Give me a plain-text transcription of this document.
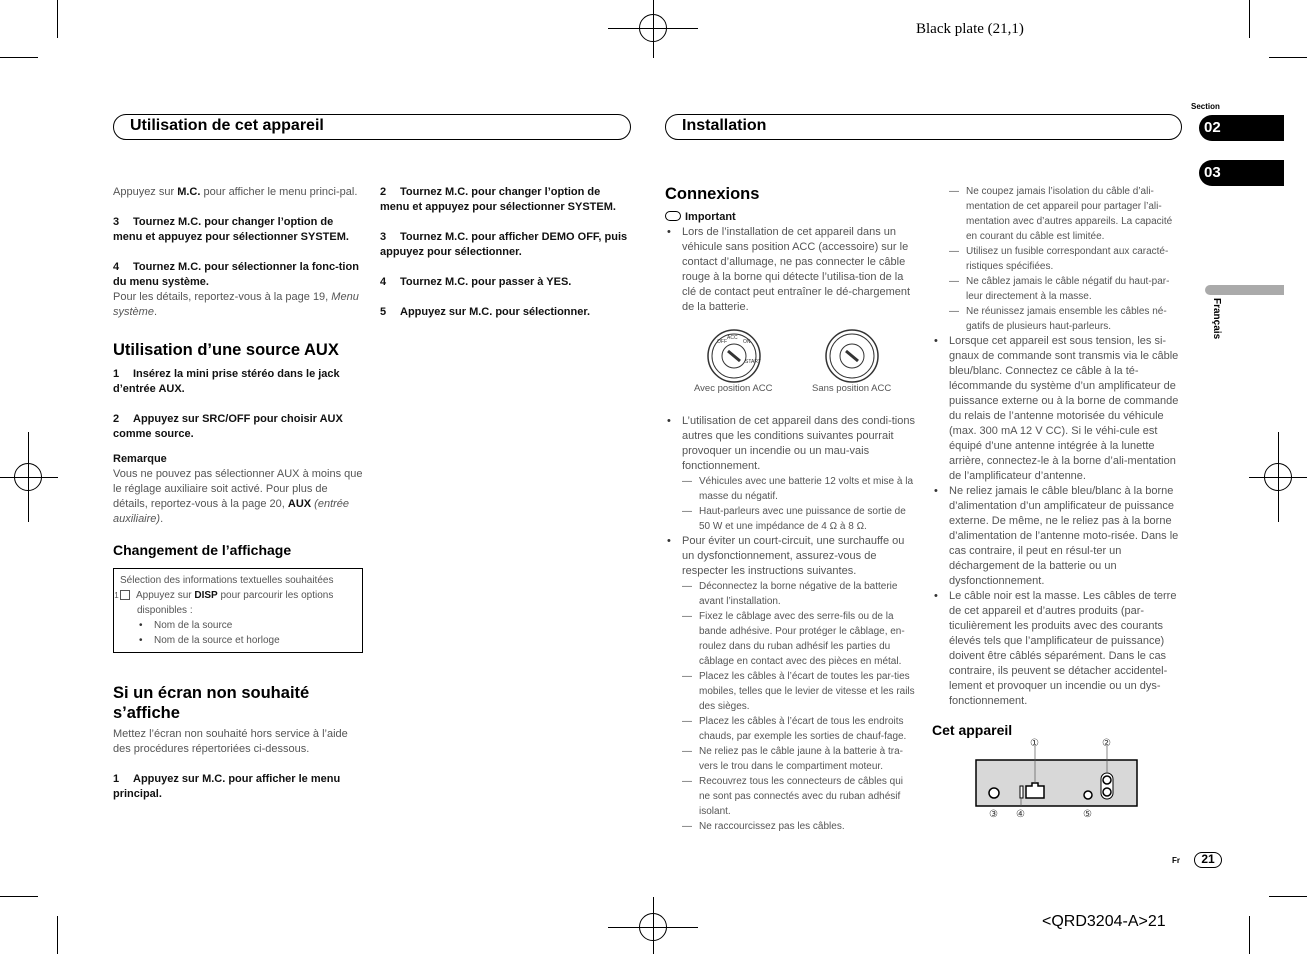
Black plate (21,1)
<QRD3204-A>21
Utilisation de cet appareil	Installation
Section
02
03
Français
Fr	21

Appuyez sur M.C. pour afficher le menu princi-pal.

3 Tournez M.C. pour changer l’option de menu et appuyez pour sélectionner SYSTEM.

4 Tournez M.C. pour sélectionner la fonc-tion du menu système.

Pour les détails, reportez-vous à la page 19, Menu système.

Utilisation d’une source AUX

1 Insérez la mini prise stéréo dans le jack d’entrée AUX.

2 Appuyez sur SRC/OFF pour choisir AUX comme source.

Remarque

Vous ne pouvez pas sélectionner AUX à moins que le réglage auxiliaire soit activé. Pour plus de détails, reportez-vous à la page 20, AUX (entrée auxiliaire).

Changement de l’affichage

Sélection des informations textuelles souhaitées

1 Appuyez sur DISP pour parcourir les options disponibles :

• Nom de la source

• Nom de la source et horloge

Si un écran non souhaité s’affiche

Mettez l’écran non souhaité hors service à l’aide des procédures répertoriées ci-dessous.

1 Appuyez sur M.C. pour afficher le menu principal.

2 Tournez M.C. pour changer l’option de menu et appuyez pour sélectionner SYSTEM.

3 Tournez M.C. pour afficher DEMO OFF, puis appuyez pour sélectionner.

4 Tournez M.C. pour passer à YES.

5 Appuyez sur M.C. pour sélectionner.

Connexions

Important

• Lors de l’installation de cet appareil dans un véhicule sans position ACC (accessoire) sur le contact d’allumage, ne pas connecter le câble rouge à la borne qui détecte l’utilisa-tion de la clé de contact peut entraîner le dé-chargement de la batterie.

OFF
ACC
ON
START
Avec position ACC	Sans position ACC

• L’utilisation de cet appareil dans des condi-tions autres que les conditions suivantes pourrait provoquer un incendie ou un mau-vais fonctionnement.

— Véhicules avec une batterie 12 volts et mise à la masse du négatif.

— Haut-parleurs avec une puissance de sortie de 50 W et une impédance de 4 Ω à 8 Ω.

• Pour éviter un court-circuit, une surchauffe ou un dysfonctionnement, assurez-vous de respecter les instructions suivantes.

— Déconnectez la borne négative de la batterie avant l’installation.

— Fixez le câblage avec des serre-fils ou de la bande adhésive. Pour protéger le câblage, en-roulez dans du ruban adhésif les parties du câblage en contact avec des pièces en métal.

— Placez les câbles à l’écart de toutes les par-ties mobiles, telles que le levier de vitesse et les rails des sièges.

— Placez les câbles à l’écart de tous les endroits chauds, par exemple les sorties de chauf-fage.

— Ne reliez pas le câble jaune à la batterie à tra-vers le trou dans le compartiment moteur.

— Recouvrez tous les connecteurs de câbles qui ne sont pas connectés avec du ruban adhésif isolant.

— Ne raccourcissez pas les câbles.

— Ne coupez jamais l’isolation du câble d’ali-mentation de cet appareil pour partager l’ali-mentation avec d’autres appareils. La capacité en courant du câble est limitée.

— Utilisez un fusible correspondant aux caracté-ristiques spécifiées.

— Ne câblez jamais le câble négatif du haut-par-leur directement à la masse.

— Ne réunissez jamais ensemble les câbles né-gatifs de plusieurs haut-parleurs.

• Lorsque cet appareil est sous tension, les si-gnaux de commande sont transmis via le câble bleu/blanc. Connectez ce câble à la té-lécommande du système d’un amplificateur de puissance externe ou à la borne de commande du relais de l’antenne motorisée du véhicule (max. 300 mA 12 V CC). Si le véhi-cule est équipé d’une antenne intégrée à la lunette arrière, connectez-le à la borne d’ali-mentation de l’amplificateur d’antenne.

• Ne reliez jamais le câble bleu/blanc à la borne d’alimentation d’un amplificateur de puissance externe. De même, ne le reliez pas à la borne d’alimentation de l’antenne moto-risée. Dans le cas contraire, il peut en résul-ter un déchargement de la batterie ou un dysfonctionnement.

• Le câble noir est la masse. Les câbles de terre de cet appareil et d’autres produits (par-ticulièrement les produits avec des courants élevés tels que l’amplificateur de puissance) doivent être câblés séparément. Dans le cas contraire, ils peuvent se détacher accidentel-lement et provoquer un incendie ou un dys-fonctionnement.

Cet appareil
①	②
③ ④	⑤
